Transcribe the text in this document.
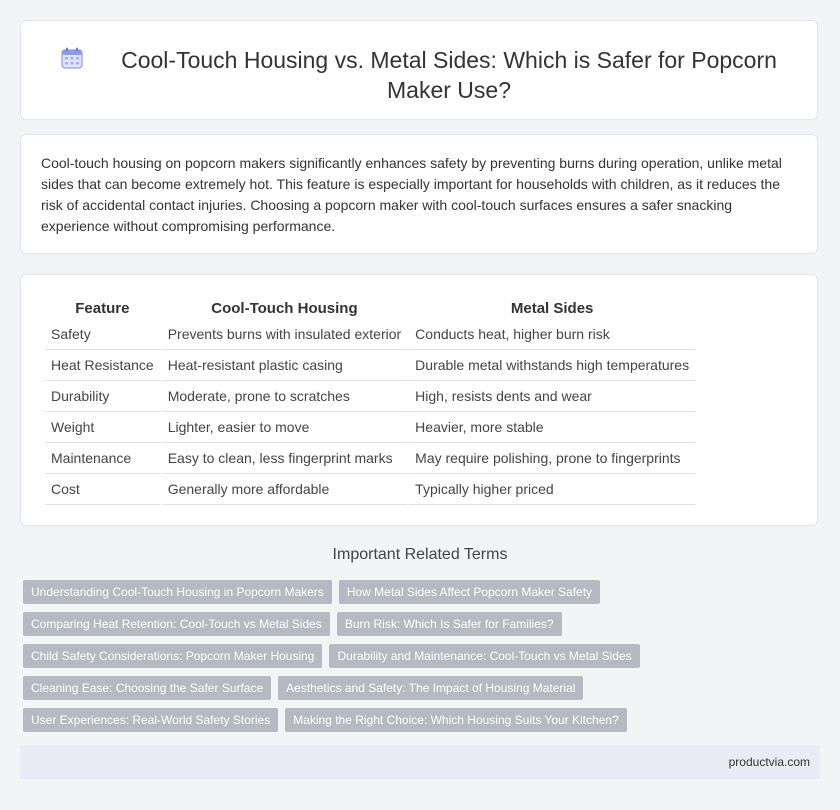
Cool-Touch Housing vs. Metal Sides: Which is Safer for Popcorn Maker Use?

Cool-touch housing on popcorn makers significantly enhances safety by preventing burns during operation, unlike metal sides that can become extremely hot. This feature is especially important for households with children, as it reduces the risk of accidental contact injuries. Choosing a popcorn maker with cool-touch surfaces ensures a safer snacking experience without compromising performance.

Feature	Cool-Touch Housing	Metal Sides
Safety	Prevents burns with insulated exterior	Conducts heat, higher burn risk
Heat Resistance	Heat-resistant plastic casing	Durable metal withstands high temperatures
Durability	Moderate, prone to scratches	High, resists dents and wear
Weight	Lighter, easier to move	Heavier, more stable
Maintenance	Easy to clean, less fingerprint marks	May require polishing, prone to fingerprints
Cost	Generally more affordable	Typically higher priced
Important Related Terms
Understanding Cool-Touch Housing in Popcorn Makers	How Metal Sides Affect Popcorn Maker Safety
Comparing Heat Retention: Cool-Touch vs Metal Sides	Burn Risk: Which Is Safer for Families?
Child Safety Considerations: Popcorn Maker Housing	Durability and Maintenance: Cool-Touch vs Metal Sides
Cleaning Ease: Choosing the Safer Surface	Aesthetics and Safety: The Impact of Housing Material
User Experiences: Real-World Safety Stories	Making the Right Choice: Which Housing Suits Your Kitchen?
productvia.com
